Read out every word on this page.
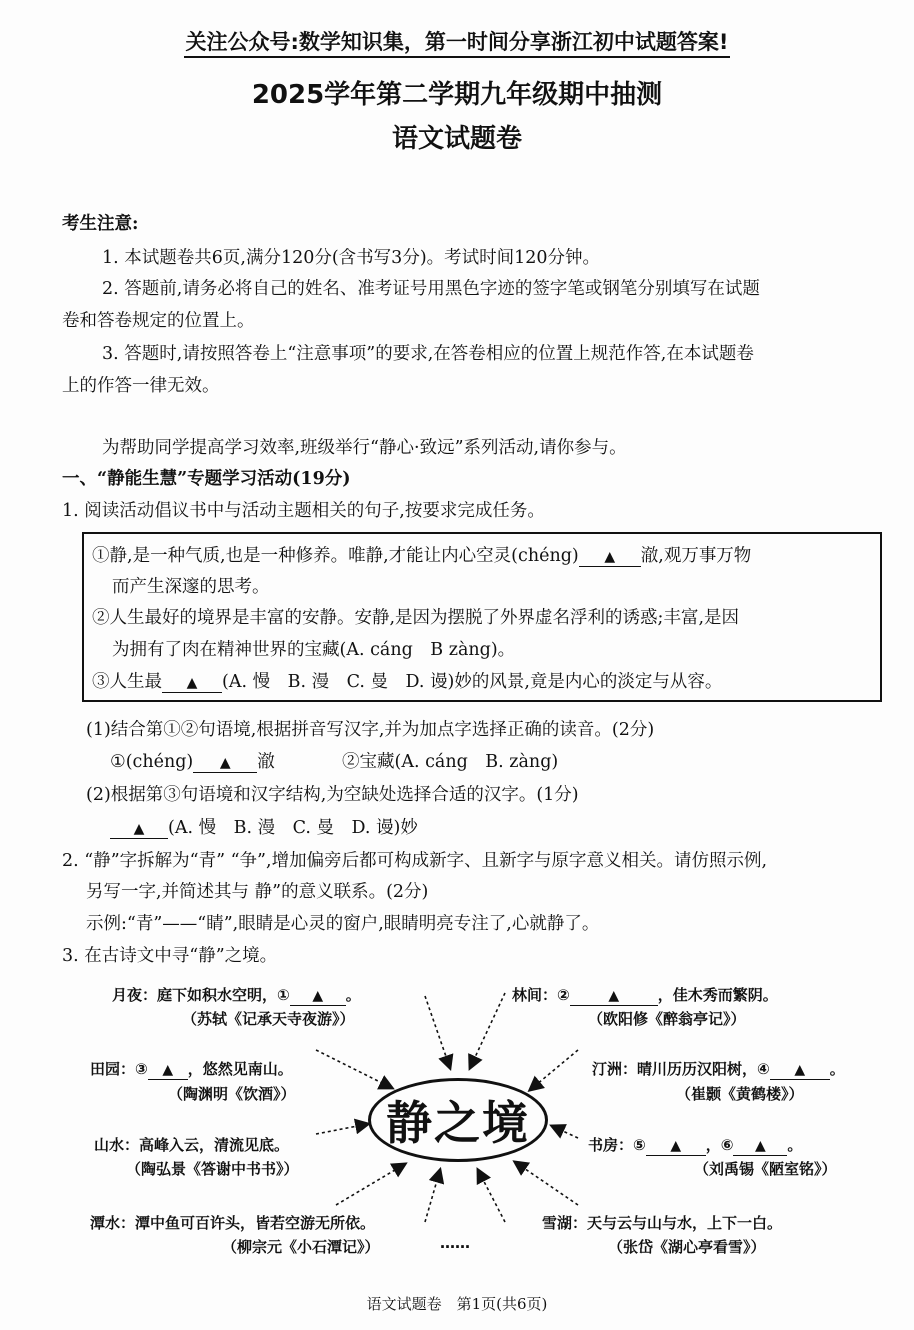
关注公众号:数学知识集，第一时间分享浙江初中试题答案!
2025学年第二学期九年级期中抽测
语文试题卷
考生注意:
1. 本试题卷共6页,满分120分(含书写3分)。考试时间120分钟。
2. 答题前,请务必将自己的姓名、准考证号用黑色字迹的签字笔或钢笔分别填写在试题
卷和答卷规定的位置上。
3. 答题时,请按照答卷上“注意事项”的要求,在答卷相应的位置上规范作答,在本试题卷
上的作答一律无效。
为帮助同学提高学习效率,班级举行“静心·致远”系列活动,请你参与。
一、“静能生慧”专题学习活动(19分)
1. 阅读活动倡议书中与活动主题相关的句子,按要求完成任务。
①静,是一种气质,也是一种修养。唯静,才能让内心空灵(chéng) ▲ 澈,观万事万物
而产生深邃的思考。
②人生最好的境界是丰富的安静。安静,是因为摆脱了外界虚名浮利的诱惑;丰富,是因
为拥有了肉在精神世界的宝藏(A. cáng　B zàng)。
③人生最 ▲ (A. 慢　B. 漫　C. 曼　D. 谩)妙的风景,竟是内心的淡定与从容。
(1)结合第①②句语境,根据拼音写汉字,并为加点字选择正确的读音。(2分)
①(chéng) ▲ 澈	②宝藏(A. cáng　B. zàng)
(2)根据第③句语境和汉字结构,为空缺处选择合适的汉字。(1分)
▲ (A. 慢　B. 漫　C. 曼　D. 谩)妙
2. “静”字拆解为“青” “争”,增加偏旁后都可构成新字、且新字与原字意义相关。请仿照示例,
另写一字,并简述其与 静”的意义联系。(2分)
示例:“青”——“睛”,眼睛是心灵的窗户,眼睛明亮专注了,心就静了。
3. 在古诗文中寻“静”之境。
静之境
月夜：庭下如积水空明，① ▲ 。
（苏轼《记承天寺夜游》）
林间：②	▲	，佳木秀而繁阴。
（欧阳修《醉翁亭记》）
田园：③ ▲ ，悠然见南山。
（陶渊明《饮酒》）
汀洲：晴川历历汉阳树，④ ▲ 。
（崔颢《黄鹤楼》）
山水：高峰入云，清流见底。
（陶弘景《答谢中书书》）
书房：⑤ ▲ ，⑥ ▲ 。
（刘禹锡《陋室铭》）
潭水：潭中鱼可百许头，皆若空游无所依。
（柳宗元《小石潭记》）	……
雪湖：天与云与山与水，上下一白。
（张岱《湖心亭看雪》）
语文试题卷　第1页(共6页)
